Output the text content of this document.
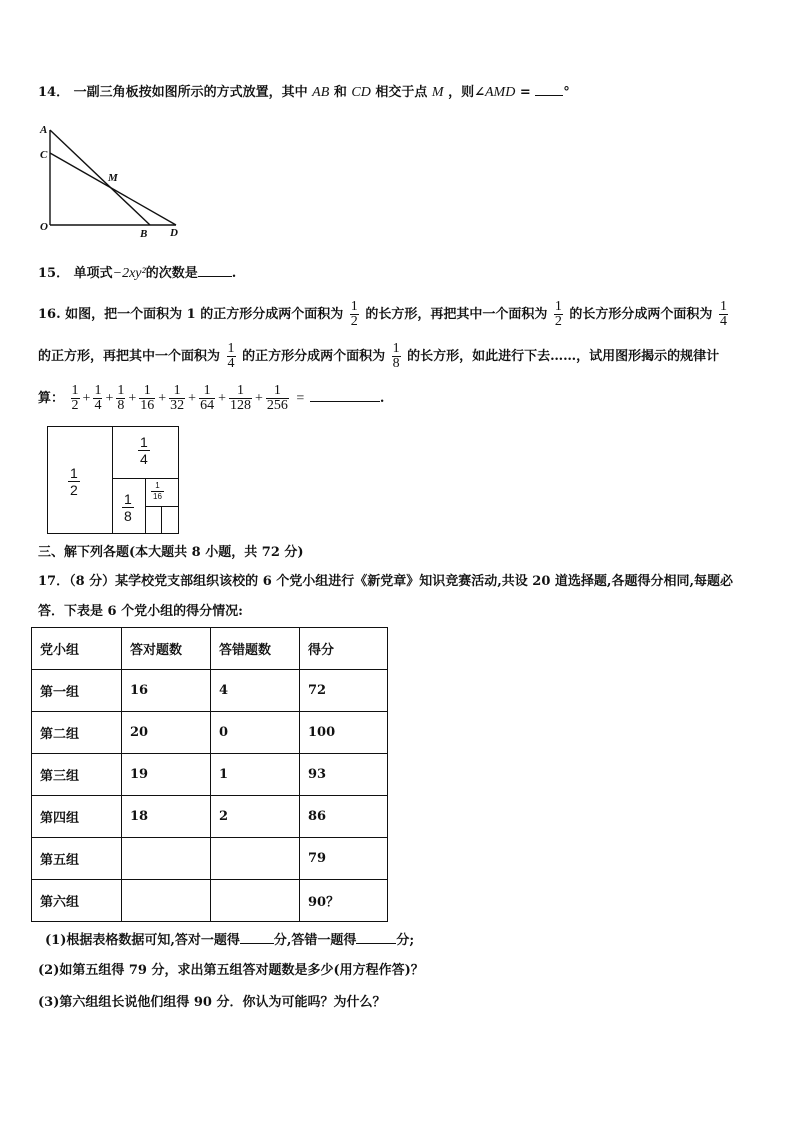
14． 一副三角板按如图所示的方式放置，其中 AB 和 CD 相交于点 M ，则∠AMD =	°
A
C
M
O
B D
15． 单项式−2xy²的次数是	.
16. 如图，把一个面积为 1 的正方形分成两个面积为 $\frac{1}{2}$ 的长方形，再把其中一个面积为 $\frac{1}{2}$ 的长方形分成两个面积为 $\frac{1}{4}$
的正方形，再把其中一个面积为 $\frac{1}{4}$ 的正方形分成两个面积为 $\frac{1}{8}$ 的长方形，如此进行下去……，试用图形揭示的规律计
算： $\frac{1}{2} + \frac{1}{4} + \frac{1}{8} + \frac{1}{16} + \frac{1}{32} + \frac{1}{64} + \frac{1}{128} + \frac{1}{256}$ =	.
1
2
1
4
1
8
1
16
三、解下列各题(本大题共 8 小题，共 72 分)
17．（8 分）某学校党支部组织该校的 6 个党小组进行《新党章》知识竞赛活动,共设 20 道选择题,各题得分相同,每题必
答．下表是 6 个党小组的得分情况:
党小组	答对题数	答错题数	得分
第一组	16	4	72
第二组	20	0	100
第三组	19	1	93
第四组	18	2	86
第五组			79
第六组			90？
(1)根据表格数据可知,答对一题得	分,答错一题得	分;
(2)如第五组得 79 分，求出第五组答对题数是多少(用方程作答)？
(3)第六组组长说他们组得 90 分．你认为可能吗？为什么？
